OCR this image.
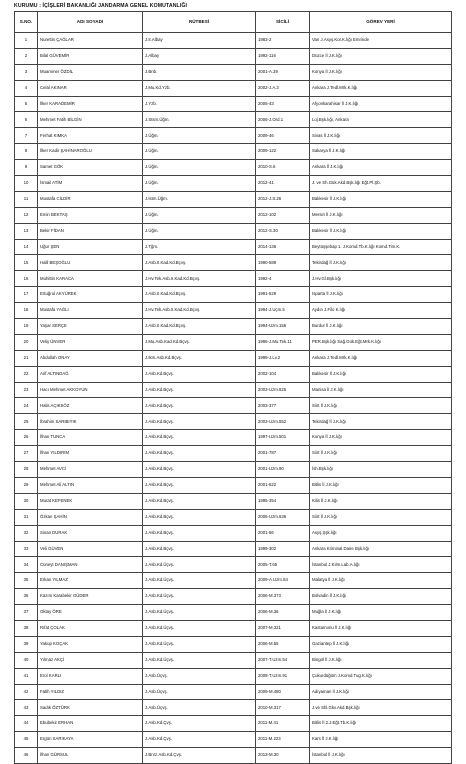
KURUMU : İÇİŞLERİ BAKANLIĞI JANDARMA GENEL KOMUTANLIĞI
S.NO.	ADI SOYADI	RÜTBESİ	SİCİLİ	GÖREV YERİ
1	Nurettin ÇAĞLAR	J.Ir.Albay	1983-2	Van J.Asyş.Kor.K.lığı Emrinde
2	Bilal GÜVEMİR	J.Albay	1992-116	Düzce İl J.K.lığı
3	Muammer ÖZDİL	J.Bnb.	2001-A.39	Konya İl J.K.lığı
4	Celal AKINAR	J.Mu.Kd.Yzb.	2002-J.A.3	Ankara J.Tedl.Mrk.K.lığı
5	İlker KARADEMİR	J.Yzb.	2005-43	Afyonkarahisar İl J.K.lığı
6	Mehmet Fatih BİLGİN	J.Stsm.Üğm.	2006-J.Ord.1	Loj.Bşk.lığı, Ankara
7	Ferhat KIMKA	J.Üğm.	2009-46	Sivas İl J.K.lığı
8	İlker Kadir ŞAHİNAROĞLU	J.Üğm.	2009-122	Sakarya İl J.K.lığı
9	Samet GÖK	J.Üğm.	2010-S.6	Ankara İl J.K.lığı
10	İsmail ATİM	J.Üğm.	2012-41	J. ve Sh.Gük.Akd.Bşk.lığı Eğt.Pl.Şb.
11	Mustafa CİLDİR	J.Istm.Üğm.	2012-J.S.26	Balıkesir İl J.K.lığı
12	Emin BEKTAŞ	J.Üğm.	2012-102	Mersin İl J.K.lığı
13	Bekir FİDAN	J.Üğm.	2012-S.30	Balıkesir İl J.K.lığı
14	Uğur ŞEN	J.Tğm.	2014-136	Beytüşşebap 1. J.Komd.Tb.K.lığı Komd.Tim.K.
15	Halil BEŞOĞLU	J.Asb.II.Kad.Kd.Bçvş.	1990-589	Tekirdağ İl J.K.lığı
16	Muhittin KARACA	J.Hv.Tek.Asb.II.Kad.Kd.Bçvş.	1992-4	J.Hv.Gl.Bşk.lığı
17	Ertuğrul AKYÜREK	J.Asb.II.Kad.Kd.Bçvş.	1991-529	Isparta İl J.K.lığı
18	Mustafa YAĞLI	J.Hv.Tek.Asb.II.Kad.Kd.Bçvş.	1994-J.Uçm.5	Aydın J.Filo K.lığı
19	Yaşar SERÇE	J.Asb.II.Kad.Kd.Bçvş.	1994-Uzm.156	Burdur İl J.K.lığı
20	Veliş ÜNVER	J.Mu.Asb.Kad.Kd.Bçvş.	1996-J.Mu.Tek.11	PER.Bşk.lığı Sağ.Gük.Eğt.Mrk.K.lığı
21	Abdullah ONAY	J.Ikm.Asb.Kd.Bçvş.	1999-J.Lv.2	Ankara J.Tedl.Mrk.K.lığı
22	Arif ALTINDAĞ	J.Asb.Kd.Bçvş.	2002-104	Balıkesir İl J.K.lığı
23	Hacı Mehmet AKKOYUN	J.Asb.Kd.Bçvş.	2003-Uzm.825	Manisa İl J.K.lığı
24	Halis AÇIKSÖZ	J.Asb.Kd.Bçvş.	2003-377	Siirt İl J.K.lığı
25	İbrahim SARIBIYIK	J.Asb.Kd.Bçvş.	2003-Uzm.552	Tekirdağ İl J.K.lığı
26	İlhan TUNCA	J.Asb.Kd.Bçvş.	1997-Uzm.501	Konya İl J.K.lığı
27	İlhan YILDIRIM	J.Asb.Kd.Bçvş.	2001-787	Siirt İl J.K.lığı
28	Mehmet AVCI	J.Asb.Kd.Bçvş.	2001-Uzm.90	İsh.Bşk.lığı
29	Mehmet Ali ALTIN	J.Asb.Kd.Bçvş.	2001-622	Bitlis İl J.K.lığı
30	Murat KEFENEK	J.Asb.Kd.Bçvş.	1995-354	Kilis İl J.K.lığı
31	Özkan ŞAHİN	J.Asb.Kd.Bçvş.	2005-Uzm.636	Siirt İl J.K.lığı
32	Sinan DURAK	J.Asb.Kd.Bçvş.	2001-56	Asyş.Şşk.lığı
33	Veli GÜVEN	J.Asb.Kd.Bçvş.	1999-302	Ankara Kriminal Daire Bşk.lığı
34	Cüneyt DANIŞMAN	J.Asb.Kd.Üçvş.	2005-T.65	İstanbul J.Kılm.Lab.A.lığı
35	Erkan YILMAZ	J.Asb.Kd.Üçvş.	2009-A.Uzm.84	Malatya İl J.K.lığı
36	Kazım Karabekir GÜDER	J.Asb.Kd.Üçvş.	2006-M.373	Bolvadin İl J.K.lığı
37	Oktay ÖRE	J.Asb.Kd.Üçvş.	2006-M.36	Muğla İl J.K.lığı
38	Rıfat ÇOLAK	J.Asb.Kd.Üçvş.	2007-M.321	Kastamonu İl J.K.lığı
39	Yakup KOÇAK	J.Asb.Kd.Üçvş.	2006-M.55	Gaziantep İl J.K.lığı
40	Yılmaz AKÇİ	J.Asb.Kd.Üçvş.	2007-T.Uzm.54	Bingöl İl J.K.lığı
41	Erol KARLI	J.Asb.Üçvş.	2008-T.Uzm.91	Çukurdüğüm J.Komd.Tug.K.lığı
42	Fatih YILDIZ	J.Asb.Üçvş.	2009-M.480	Adıyaman İl J.K.lığı
43	Sadık ÖZTÜRK	J.Asb.Üçvş.	2010-M.317	J.ve Shl.Gkv.Akd.Bşk.lığı
44	Ebubekir ERHAN	J.Asb.Kd.Çvş.	2011-M.41	Bitlis İl 2.J.Eğt.Tb.K.lığı
45	Ergün SARIKAYA	J.Asb.Kd.Çvş.	2011-M.223	Kars İl J.K.lığı
46	İlhan GÜRSUL	J.Bnrz.Asb.Kd.Çvş.	2013-M.30	İstanbul İl J.K.lığı
